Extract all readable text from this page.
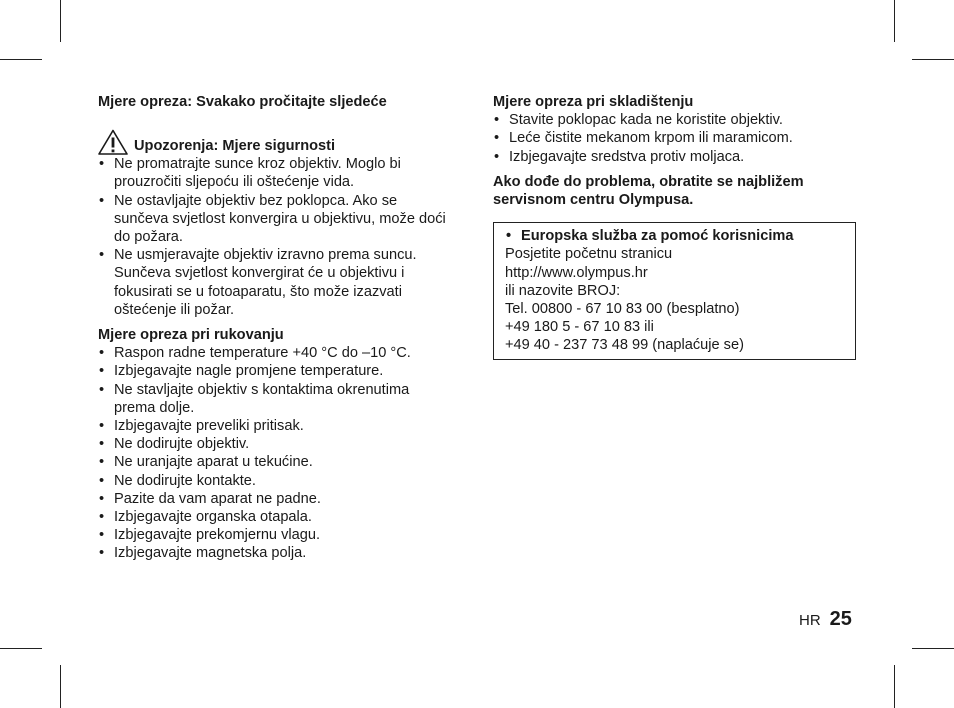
Mjere opreza: Svakako pročitajte sljedeće

Upozorenja: Mjere sigurnosti
• Ne promatrajte sunce kroz objektiv. Moglo bi prouzročiti sljepoću ili oštećenje vida.
• Ne ostavljajte objektiv bez poklopca. Ako se sunčeva svjetlost konvergira u objektivu, može doći do požara.
• Ne usmjeravajte objektiv izravno prema suncu. Sunčeva svjetlost konvergirat će u objektivu i fokusirati se u fotoaparatu, što može izazvati oštećenje ili požar.

Mjere opreza pri rukovanju

• Raspon radne temperature +40 °C do –10 °C.
• Izbjegavajte nagle promjene temperature.
• Ne stavljajte objektiv s kontaktima okrenutima prema dolje.
• Izbjegavajte preveliki pritisak.
• Ne dodirujte objektiv.
• Ne uranjajte aparat u tekućine.
• Ne dodirujte kontakte.
• Pazite da vam aparat ne padne.
• Izbjegavajte organska otapala.
• Izbjegavajte prekomjernu vlagu.
• Izbjegavajte magnetska polja.

Mjere opreza pri skladištenju

• Stavite poklopac kada ne koristite objektiv.
• Leće čistite mekanom krpom ili maramicom.
• Izbjegavajte sredstva protiv moljaca.

Ako dođe do problema, obratite se najbližem servisnom centru Olympusa.

• Europska služba za pomoć korisnicima
Posjetite početnu stranicu
http://www.olympus.hr
ili nazovite BROJ:
Tel. 00800 - 67 10 83 00 (besplatno)
+49 180 5 - 67 10 83 ili
+49 40 - 237 73 48 99 (naplaćuje se)
HR 25
